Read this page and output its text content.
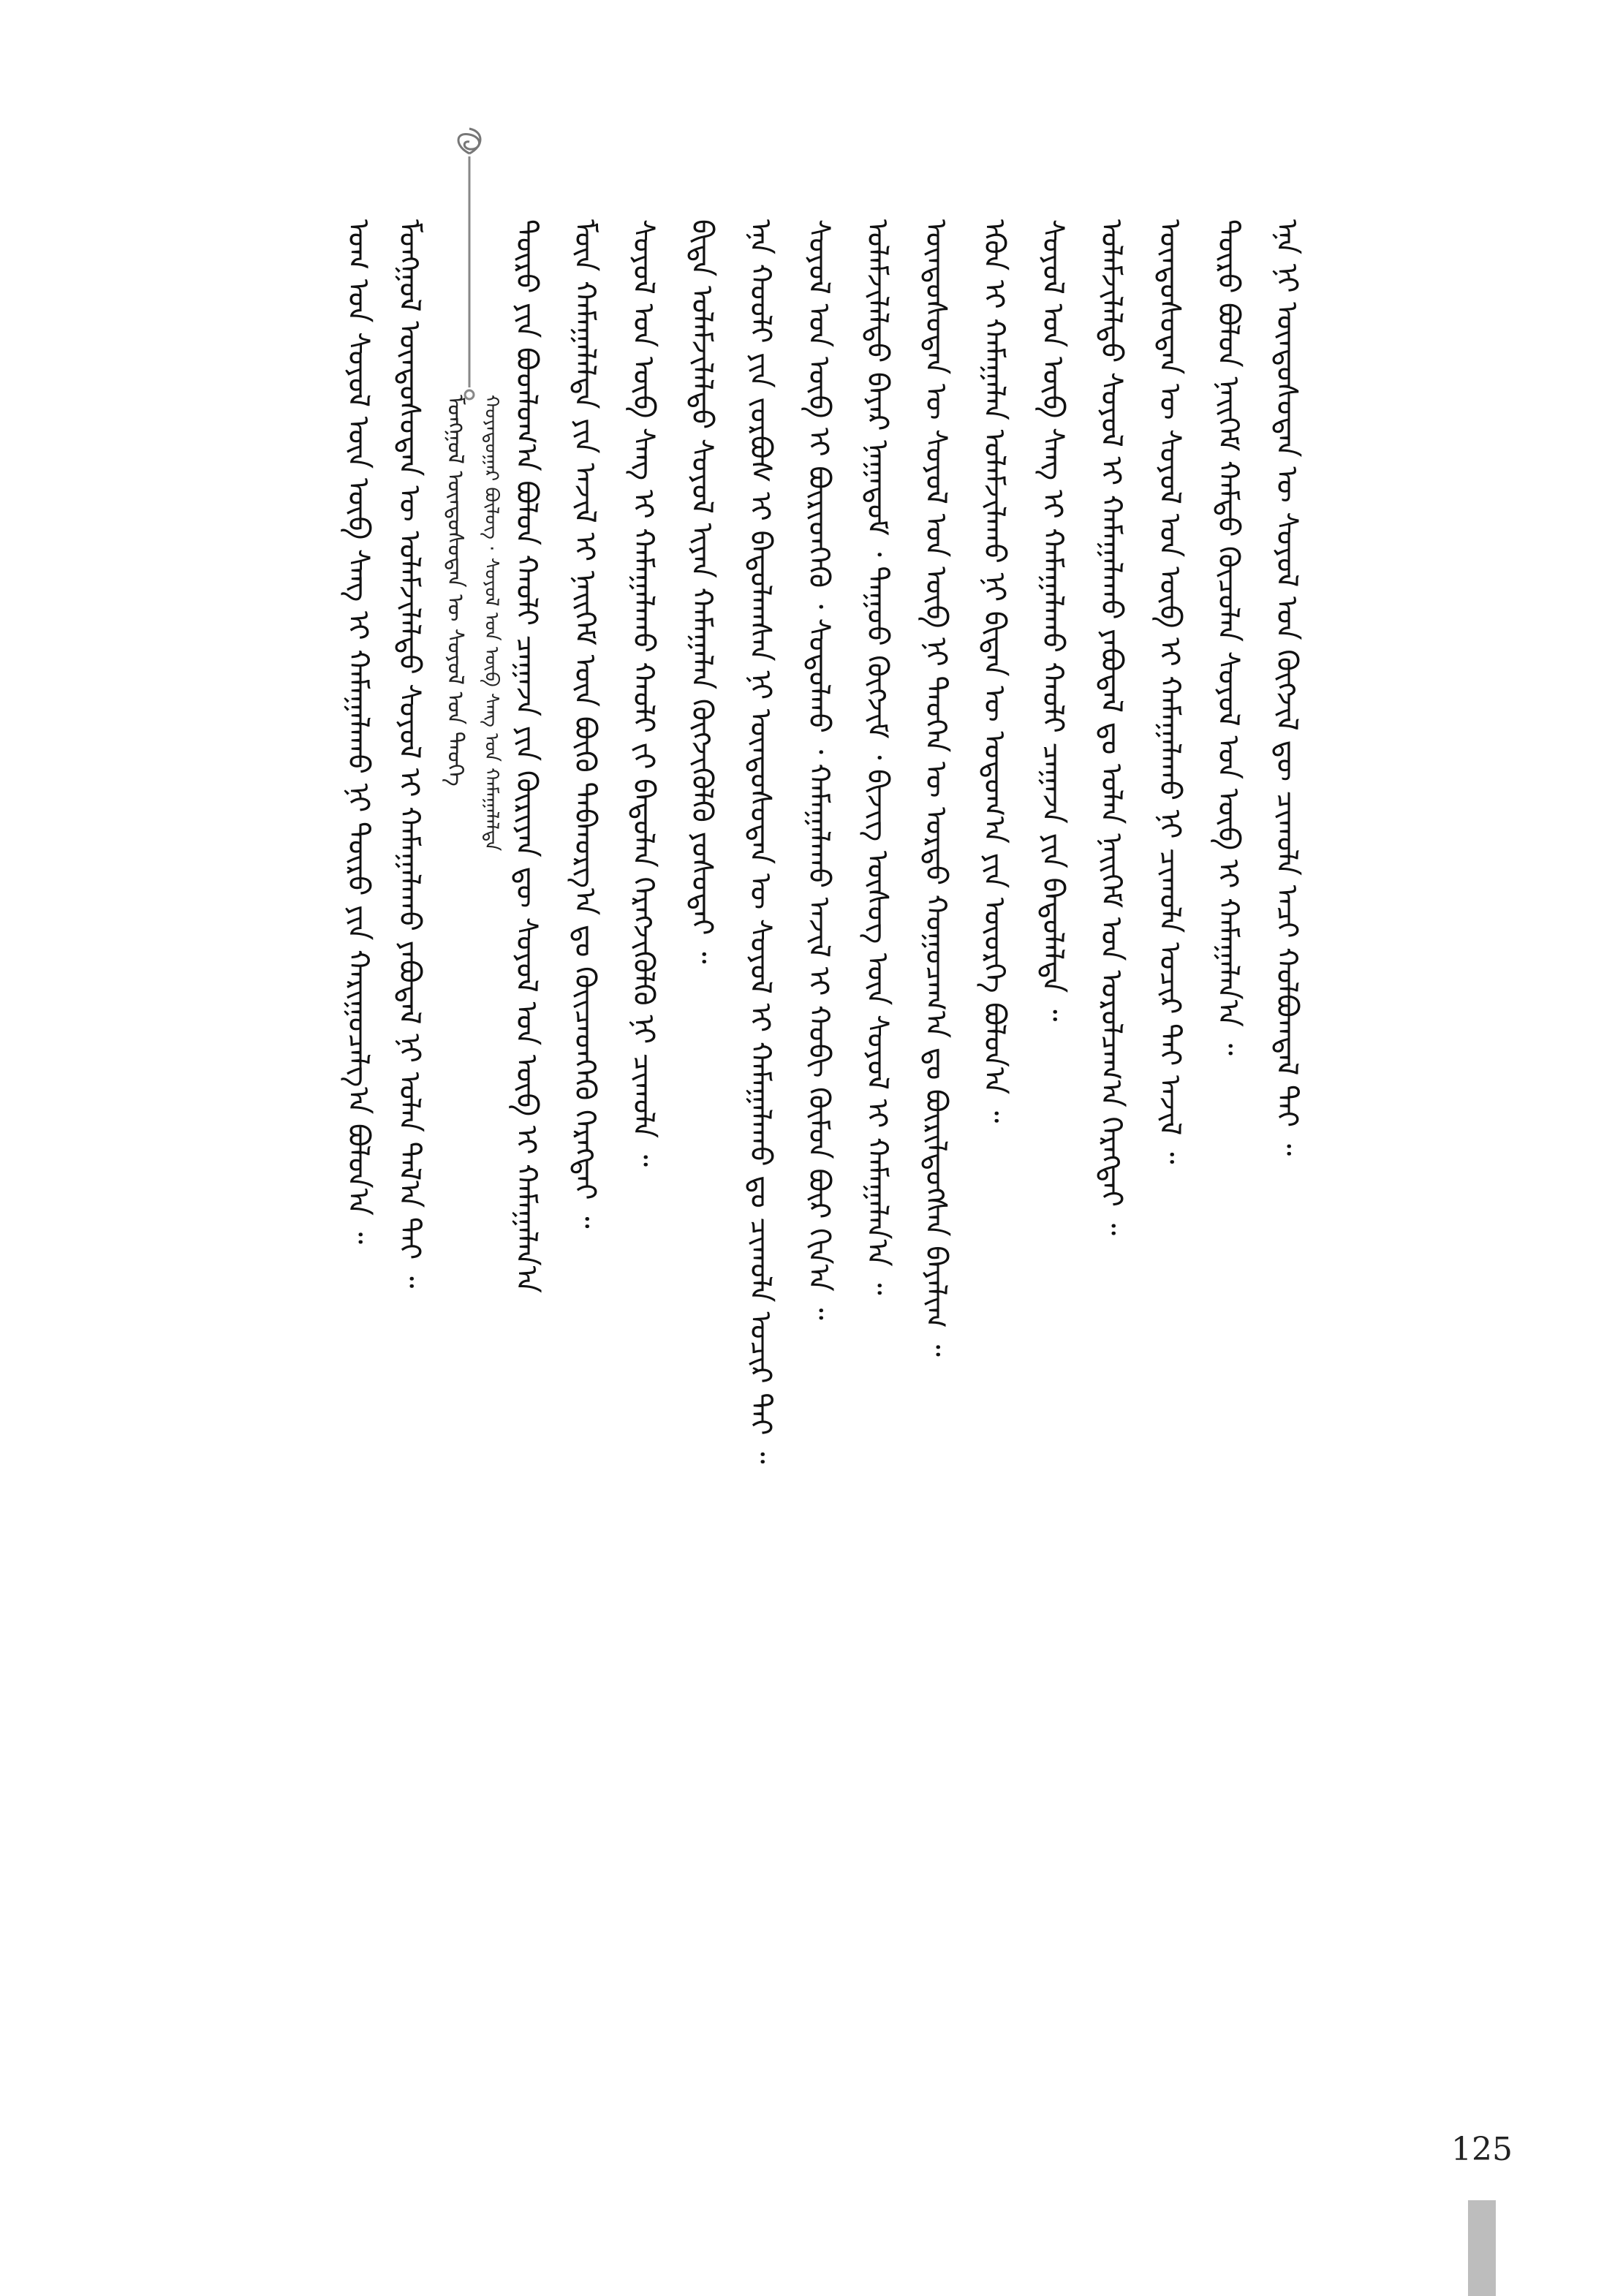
ᠮᠣᠩᠭᠣᠯ ᠦᠨᠳᠦᠰᠦᠲᠡᠨ ᠦ ᠰᠣᠶᠣᠯ ᠤᠨ ᠲᠡᠦᠬᠡ ᠬᠣᠶᠠᠳᠤᠭᠠᠷ ᠪᠦᠯᠦᠭ · ᠰᠣᠶᠣᠯ ᠤᠨ ᠥᠪ ᠰᠠᠩ ᠤᠨ ᠬᠠᠮᠠᠭᠠᠯᠠᠯᠲᠠ
ᠤᠭ ᠤᠨ ᠰᠣᠶᠣᠯ ᠦᠨ ᠥᠪ ᠰᠠᠩ ᠢ ᠬᠠᠮᠠᠭᠠᠯᠠᠬᠤ ᠨᠢ ᠲᠥᠷᠥ ᠶᠢᠨ ᠬᠠᠷᠢᠭᠤᠴᠠᠯᠭ᠎ᠠ ᠪᠣᠯᠤᠨ᠎ᠠ ᠃ ᠮᠣᠩᠭᠣᠯ ᠦᠨᠳᠦᠰᠦᠲᠡᠨ ᠦ ᠤᠯᠠᠮᠵᠢᠯᠠᠯᠲᠤ ᠰᠣᠶᠣᠯ ᠢ ᠬᠠᠮᠠᠭᠠᠯᠠᠬᠤ ᠶᠠᠪᠤᠳᠠᠯ ᠨᠢ ᠣᠯᠠᠨ ᠲᠠᠯ᠎ᠠ ᠲᠠᠢ ᠃	ᠲᠥᠷᠥ ᠶᠢᠨ ᠪᠣᠳᠯᠣᠭ᠎ᠠ ᠪᠣᠯᠤᠨ ᠬᠠᠤᠯᠢ ᠴᠠᠭᠠᠵᠠ ᠶᠢᠨ ᠬᠦᠷᠢᠶᠡᠨ ᠳᠦ ᠰᠣᠶᠣᠯ ᠤᠨ ᠥᠪ ᠢ ᠬᠠᠮᠠᠭᠠᠯᠠᠨ᠎ᠠ ᠮᠥᠨ ᠬᠠᠮᠠᠭᠠᠯᠠᠯᠲᠠ ᠶᠢᠨ ᠠᠵᠢᠯ ᠢ ᠨᠡᠢᠭᠡᠮ ᠦᠨ ᠪᠦᠬᠦ ᠳᠠᠪᠬᠤᠷᠭ᠎ᠠ ᠳᠤ ᠭᠦᠢᠴᠡᠳᠭᠡᠬᠦ ᠬᠡᠷᠡᠭᠲᠡᠢ ᠃ ᠰᠣᠶᠣᠯ ᠤᠨ ᠥᠪ ᠰᠠᠩ ᠢ ᠬᠠᠮᠠᠭᠠᠯᠠᠬᠤ ᠬᠠᠤᠯᠢ ᠵᠢ ᠪᠠᠲᠤᠯᠠᠨ ᠬᠡᠷᠡᠭᠵᠢᠭᠦᠯᠬᠦ ᠨᠢ ᠴᠢᠬᠤᠯᠠ ᠃ ᠪᠢᠳᠡ ᠤᠯᠠᠮᠵᠢᠯᠠᠯᠲᠤ ᠰᠣᠶᠣᠯ ᠢᠶᠠᠨ ᠬᠠᠮᠠᠭᠠᠯᠠᠨ ᠬᠥᠭᠵᠢᠭᠦᠯᠬᠦ ᠶᠣᠰᠣᠲᠠᠢ ᠃ ᠡᠨᠡ ᠬᠤᠤᠯᠢ ᠶᠢᠨ ᠵᠤᠷᠪᠤᠰ ᠢ ᠪᠠᠲᠤᠯᠠᠭᠰᠠᠨ ᠨᠢ ᠦᠨᠳᠦᠰᠦᠲᠡᠨ ᠦ ᠰᠣᠶᠣᠯ ᠢ ᠬᠠᠮᠠᠭᠠᠯᠠᠬᠤ ᠳᠤ ᠴᠢᠬᠤᠯᠠ ᠤᠴᠢᠷ ᠲᠠᠢ ᠃ ᠰᠣᠶᠣᠯ ᠤᠨ ᠥᠪ ᠢ ᠪᠦᠷᠢᠳᠬᠡᠬᠦ ᠂ ᠰᠤᠳᠤᠯᠬᠤ ᠂ ᠬᠠᠮᠠᠭᠠᠯᠠᠬᠤ ᠠᠵᠢᠯ ᠢ ᠬᠤᠪᠢ ᠬᠦᠮᠦᠨ ᠪᠦᠷ ᠬᠢᠨ᠎ᠠ ᠃ ᠤᠯᠠᠮᠵᠢᠯᠠᠯᠲᠤ ᠪᠠᠶᠠᠷ ᠨᠠᠭᠠᠳᠤᠮ ᠂ ᠳᠠᠭᠤᠤ ᠬᠥᠭᠵᠢᠮ ᠂ ᠪᠢᠵᠢᠭ ᠦᠰᠦᠭ ᠦᠨ ᠰᠣᠶᠣᠯ ᠢ ᠬᠠᠮᠠᠭᠠᠯᠠᠨ᠎ᠠ ᠃ ᠦᠨᠳᠦᠰᠦᠲᠡᠨ ᠦ ᠰᠣᠶᠣᠯ ᠤᠨ ᠥᠪ ᠨᠢ ᠲᠡᠦᠬᠡᠨ ᠦ ᠤᠷᠲᠤ ᠬᠤᠭᠤᠴᠠᠭ᠎ᠠ ᠳᠤ ᠪᠦᠷᠢᠯᠳᠦᠭᠰᠡᠨ ᠪᠠᠶᠠᠯᠢᠭ ᠃ ᠡᠭᠦᠨ ᠢ ᠬᠠᠮᠠᠭᠠᠯᠠᠨ ᠤᠯᠠᠮᠵᠢᠯᠠᠬᠤ ᠨᠢ ᠪᠢᠳᠡᠨ ᠦ ᠤᠳᠤᠭ᠎ᠠ ᠶᠢᠨ ᠦᠦᠷᠭᠡ ᠪᠣᠯᠤᠨ᠎ᠠ ᠃ ᠰᠣᠶᠣᠯ ᠤᠨ ᠥᠪ ᠰᠠᠩ ᠢ ᠬᠠᠮᠠᠭᠠᠯᠠᠬᠤ ᠬᠠᠤᠯᠢ ᠴᠠᠭᠠᠵᠠ ᠶᠢᠨ ᠪᠠᠲᠤᠯᠠᠯᠲᠠ ᠃ ᠤᠯᠠᠮᠵᠢᠯᠠᠯᠲᠤ ᠰᠣᠶᠣᠯ ᠢ ᠬᠠᠮᠠᠭᠠᠯᠠᠬᠤ ᠶᠠᠪᠤᠳᠠᠯ ᠳᠤ ᠣᠯᠠᠨ ᠨᠡᠢᠭᠡᠮ ᠤᠨ ᠣᠷᠣᠯᠴᠠᠭ᠎ᠠ ᠬᠡᠷᠡᠭᠲᠡᠢ ᠃ ᠦᠨᠳᠦᠰᠦᠲᠡᠨ ᠦ ᠰᠣᠶᠣᠯ ᠤᠨ ᠥᠪ ᠢ ᠬᠠᠮᠠᠭᠠᠯᠠᠬᠤ ᠨᠢ ᠴᠢᠬᠤᠯᠠ ᠤᠴᠢᠷ ᠲᠠᠢ ᠠᠵᠢᠯ ᠃ ᠲᠥᠷᠥ ᠪᠣᠯᠤᠨ ᠨᠡᠢᠭᠡᠮ ᠬᠠᠮᠲᠤ ᠬᠦᠴᠦᠯᠡᠨ ᠰᠣᠶᠣᠯ ᠤᠨ ᠥᠪ ᠢ ᠬᠠᠮᠠᠭᠠᠯᠠᠨ᠎ᠠ ᠃ ᠡᠨᠡ ᠨᠢ ᠦᠨᠳᠦᠰᠦᠲᠡᠨ ᠦ ᠰᠣᠶᠣᠯ ᠤᠨ ᠬᠥᠭᠵᠢᠯ ᠳᠦ ᠴᠢᠬᠤᠯᠠ ᠠᠴᠢ ᠬᠣᠯᠪᠣᠭᠳᠠᠯ ᠲᠠᠢ ᠃
125
